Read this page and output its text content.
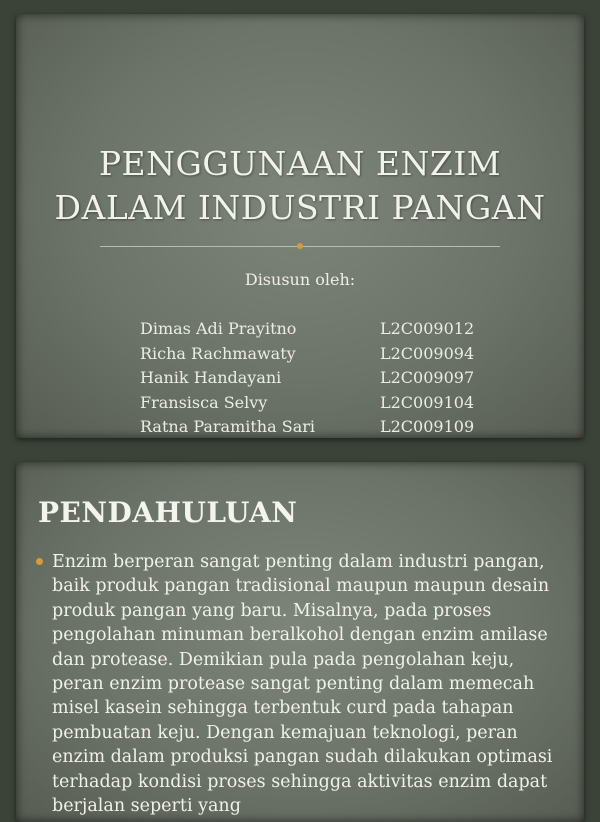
PENGGUNAAN ENZIM
DALAM INDUSTRI PANGAN
Disusun oleh:
Dimas Adi Prayitno	L2C009012
Richa Rachmawaty	L2C009094
Hanik Handayani	L2C009097
Fransisca Selvy	L2C009104
Ratna Paramitha Sari	L2C009109
PENDAHULUAN
Enzim berperan sangat penting dalam industri pangan, baik produk pangan tradisional maupun maupun desain produk pangan yang baru. Misalnya, pada proses pengolahan minuman beralkohol dengan enzim amilase dan protease. Demikian pula pada pengolahan keju, peran enzim protease sangat penting dalam memecah misel kasein sehingga terbentuk curd pada tahapan pembuatan keju. Dengan kemajuan teknologi, peran enzim dalam produksi pangan sudah dilakukan optimasi terhadap kondisi proses sehingga aktivitas enzim dapat berjalan seperti yang
